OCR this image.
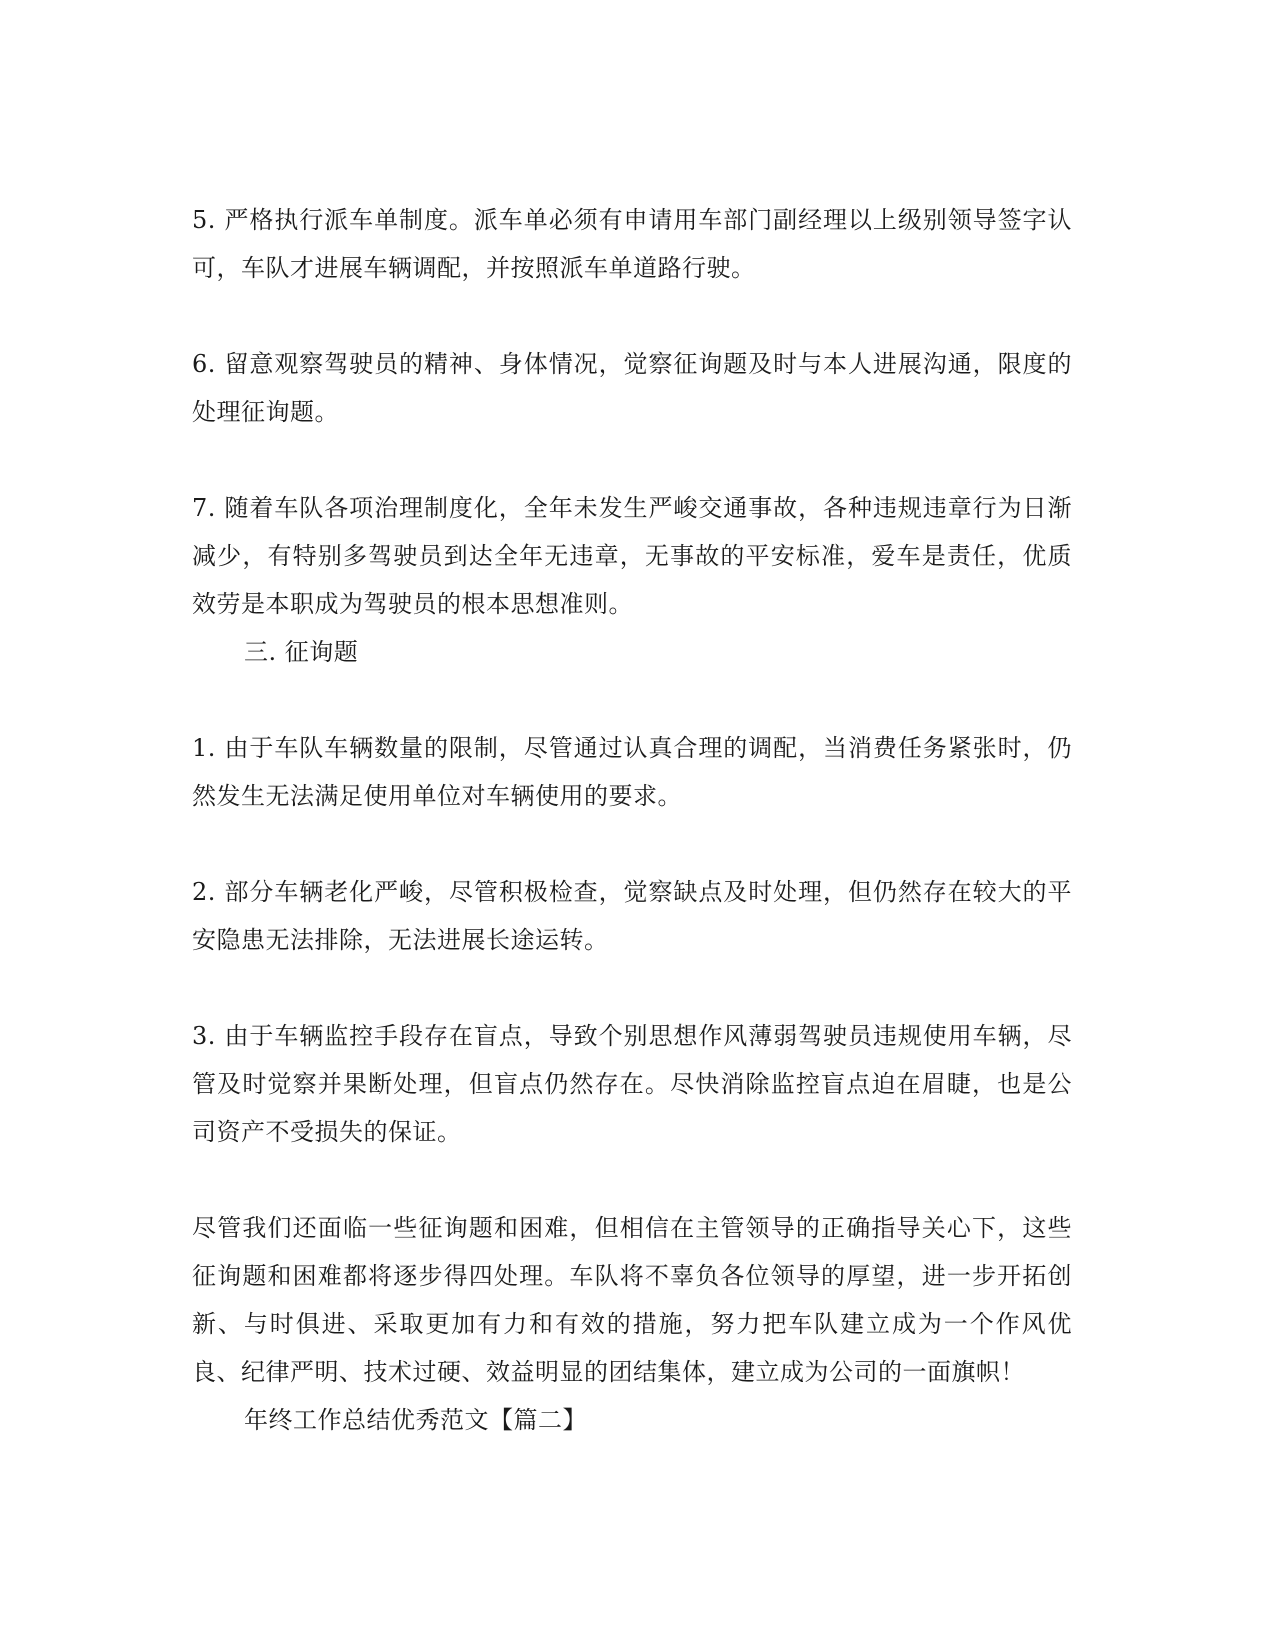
5. 严格执行派车单制度。派车单必须有申请用车部门副经理以上级别领导签字认可，车队才进展车辆调配，并按照派车单道路行驶。

6. 留意观察驾驶员的精神、身体情况，觉察征询题及时与本人进展沟通，限度的处理征询题。

7. 随着车队各项治理制度化，全年未发生严峻交通事故，各种违规违章行为日渐减少，有特别多驾驶员到达全年无违章，无事故的平安标准，爱车是责任，优质效劳是本职成为驾驶员的根本思想准则。

三. 征询题

1. 由于车队车辆数量的限制，尽管通过认真合理的调配，当消费任务紧张时，仍然发生无法满足使用单位对车辆使用的要求。

2. 部分车辆老化严峻，尽管积极检查，觉察缺点及时处理，但仍然存在较大的平安隐患无法排除，无法进展长途运转。

3. 由于车辆监控手段存在盲点，导致个别思想作风薄弱驾驶员违规使用车辆，尽管及时觉察并果断处理，但盲点仍然存在。尽快消除监控盲点迫在眉睫，也是公司资产不受损失的保证。

尽管我们还面临一些征询题和困难，但相信在主管领导的正确指导关心下，这些征询题和困难都将逐步得四处理。车队将不辜负各位领导的厚望，进一步开拓创新、与时俱进、采取更加有力和有效的措施，努力把车队建立成为一个作风优良、纪律严明、技术过硬、效益明显的团结集体，建立成为公司的一面旗帜！

年终工作总结优秀范文【篇二】
